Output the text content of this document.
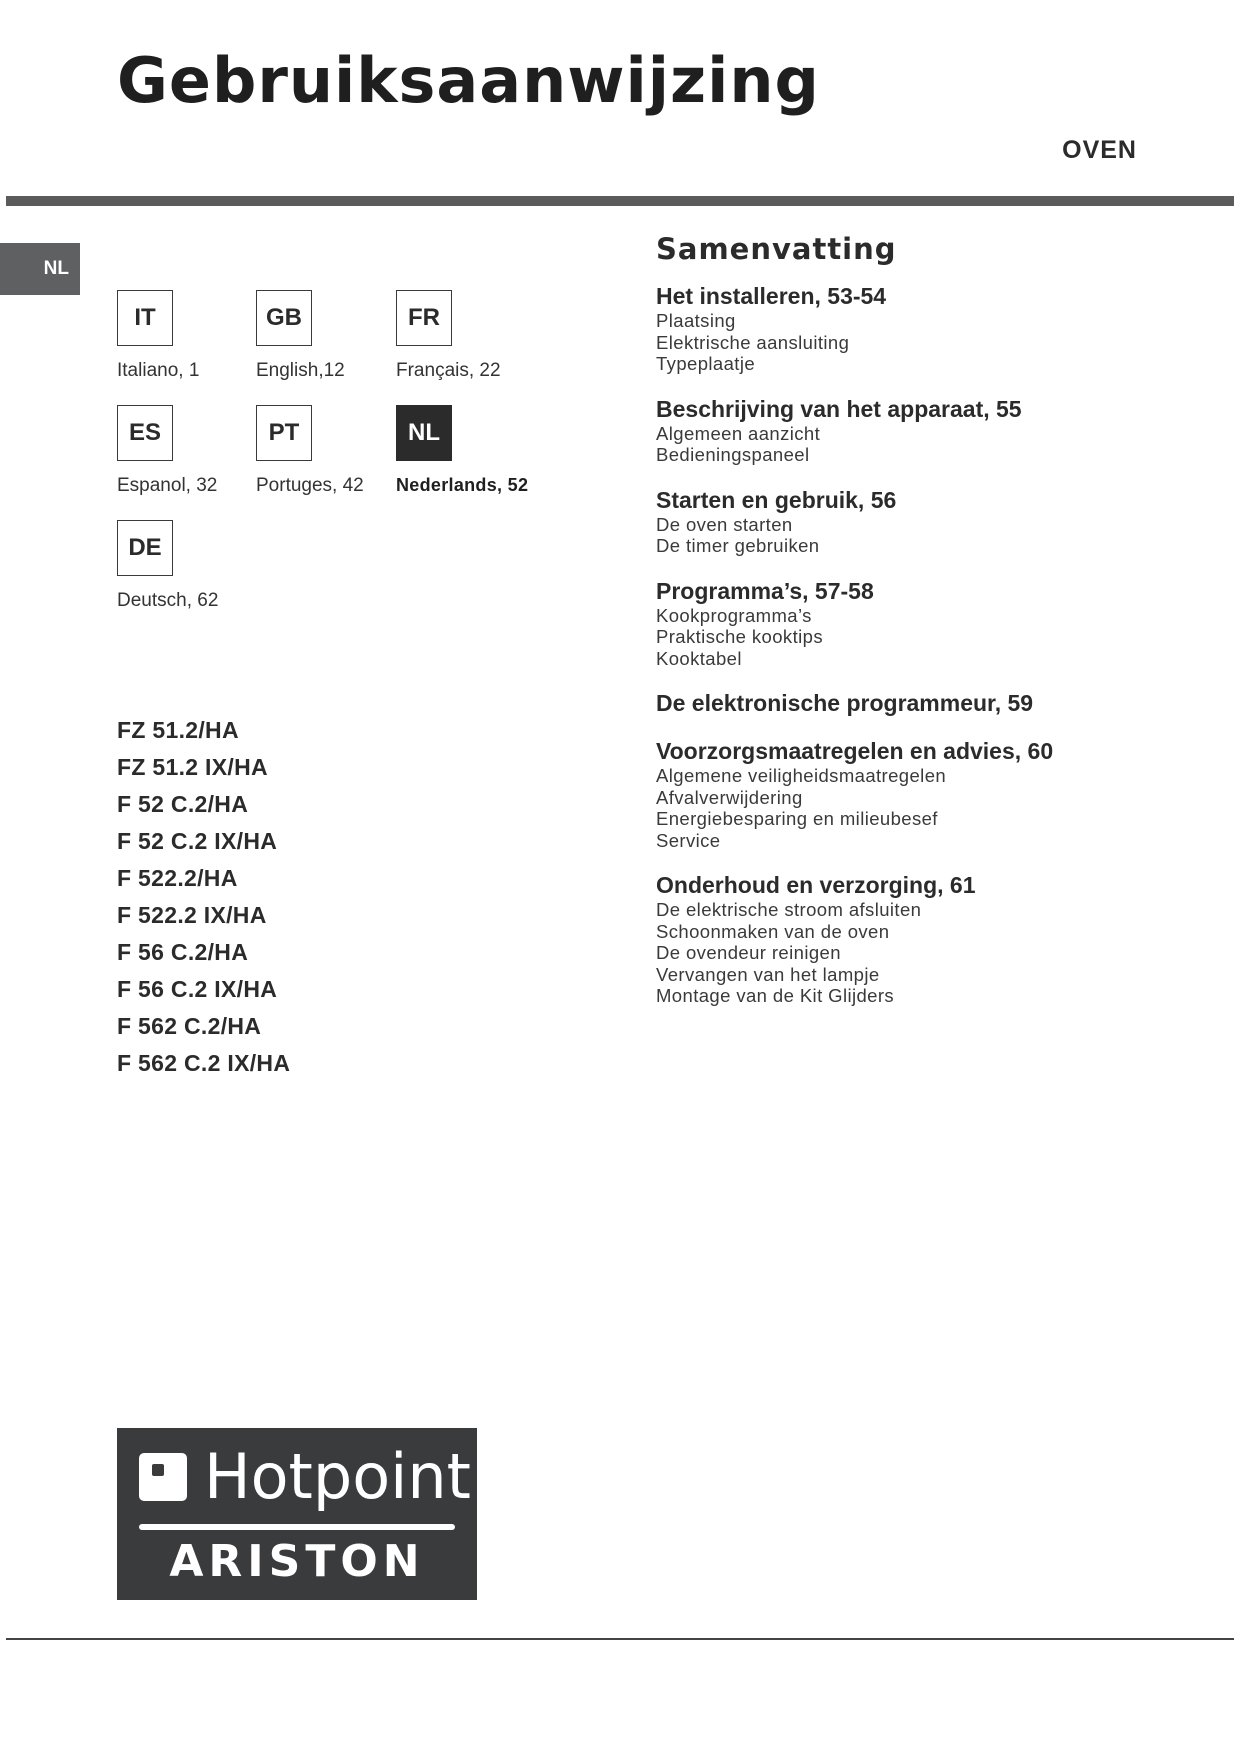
Gebruiksaanwijzing
OVEN
NL
IT
Italiano, 1
GB
English,12
FR
Français, 22
ES
Espanol, 32
PT
Portuges, 42
NL
Nederlands, 52
DE
Deutsch, 62
FZ 51.2/HA
FZ 51.2 IX/HA
F 52 C.2/HA
F 52 C.2 IX/HA
F 522.2/HA
F 522.2 IX/HA
F 56 C.2/HA
F 56 C.2 IX/HA
F 562 C.2/HA
F 562 C.2 IX/HA
Samenvatting
Het installeren, 53-54
Plaatsing
Elektrische aansluiting
Typeplaatje
Beschrijving van het apparaat, 55
Algemeen aanzicht
Bedieningspaneel
Starten en gebruik, 56
De oven starten
De timer gebruiken
Programma’s, 57-58
Kookprogramma’s
Praktische kooktips
Kooktabel
De elektronische programmeur, 59
Voorzorgsmaatregelen en advies, 60
Algemene veiligheidsmaatregelen
Afvalverwijdering
Energiebesparing en milieubesef
Service
Onderhoud en verzorging, 61
De elektrische stroom afsluiten
Schoonmaken van de oven
De ovendeur reinigen
Vervangen van het lampje
Montage van de Kit Glijders
Hotpoint
ARISTON
